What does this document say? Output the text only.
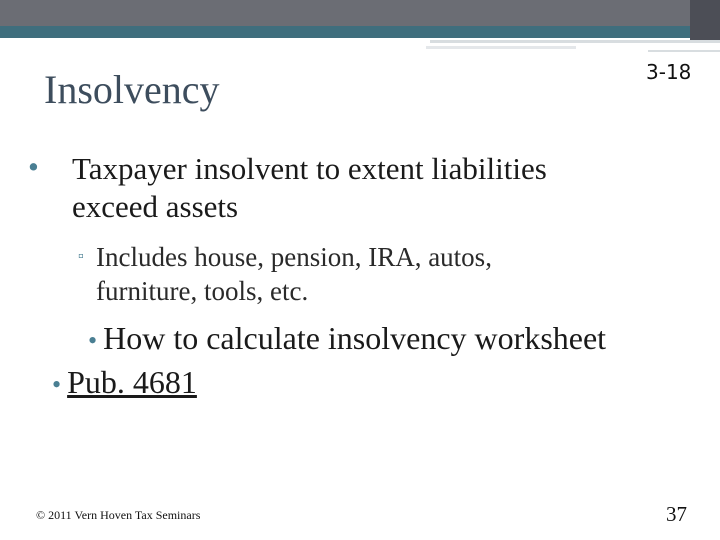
Insolvency	3-18
• Taxpayer insolvent to extent liabilities
exceed assets
▫ Includes house, pension, IRA, autos,
furniture, tools, etc.
• How to calculate insolvency worksheet
• Pub. 4681
© 2011 Vern Hoven Tax Seminars	37
